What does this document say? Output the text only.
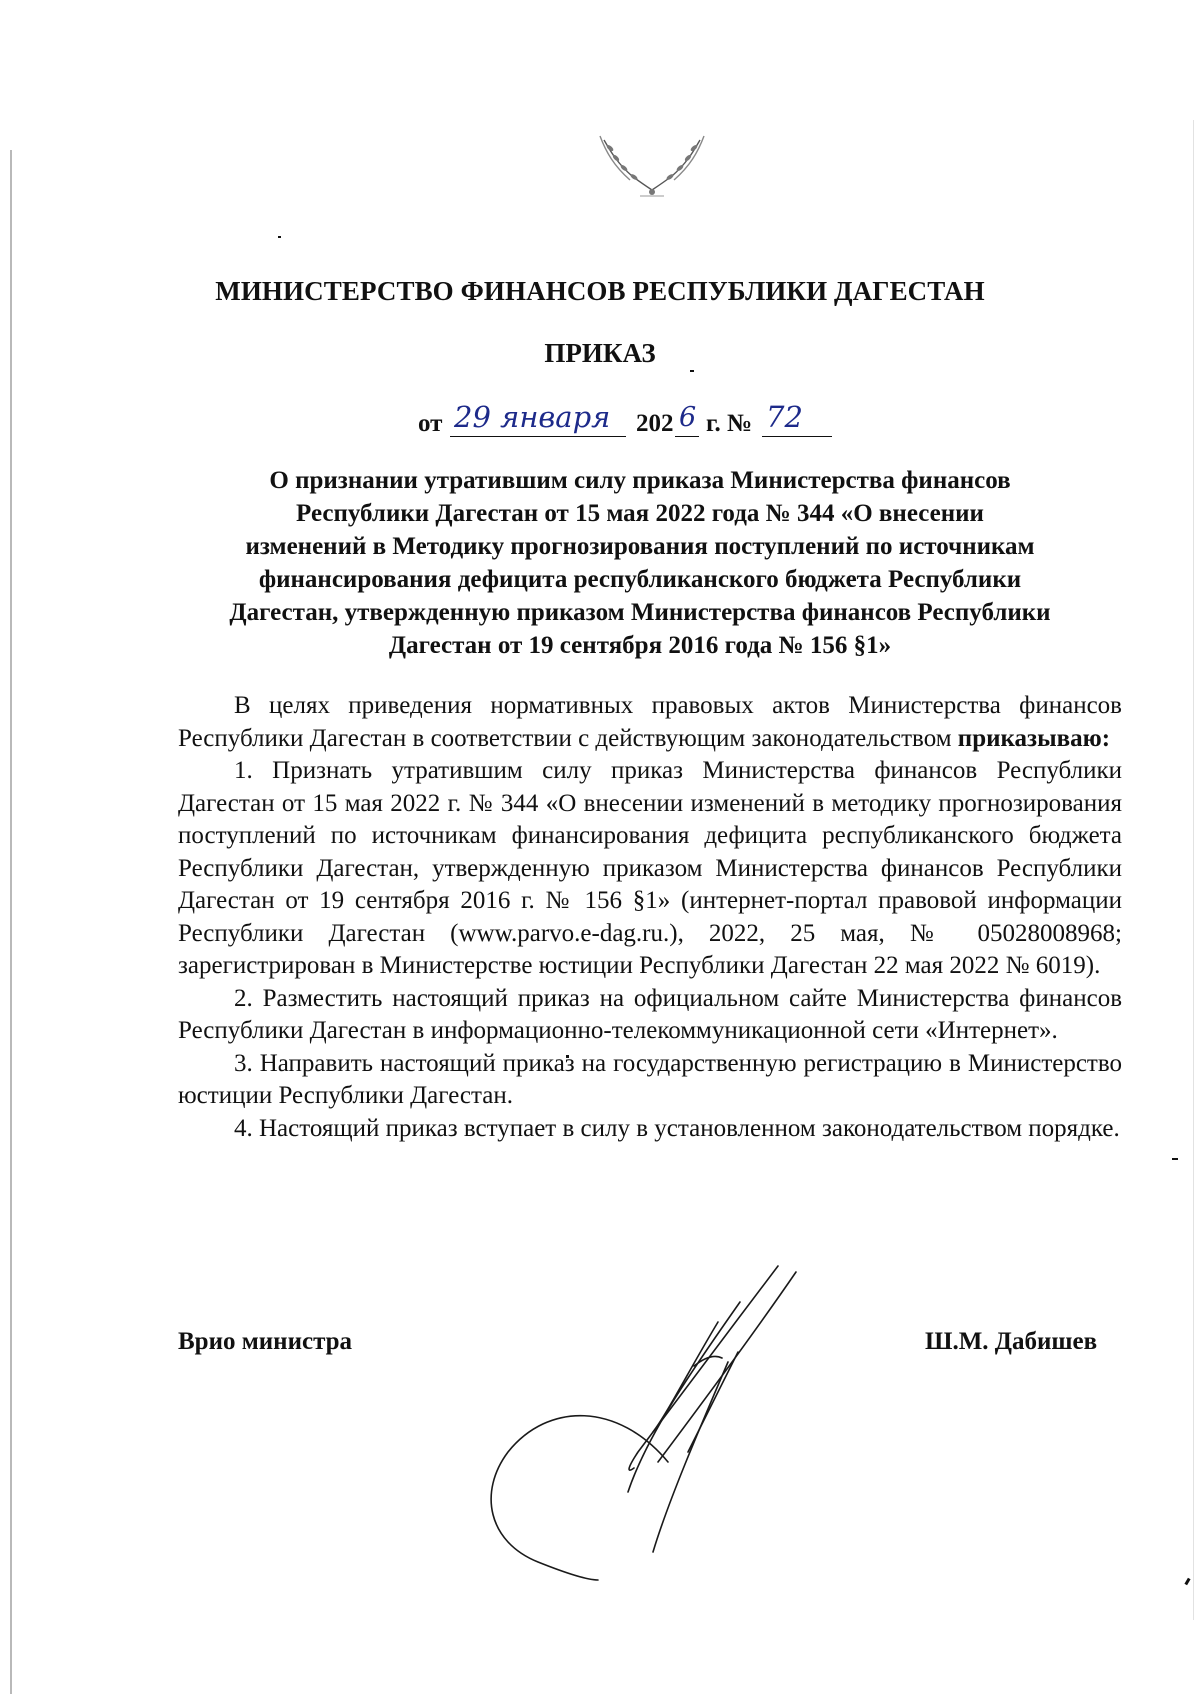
МИНИСТЕРСТВО ФИНАНСОВ РЕСПУБЛИКИ ДАГЕСТАН
ПРИКАЗ
от 29 января 202 6 г. № 72
О признании утратившим силу приказа Министерства финансов
Республики Дагестан от 15 мая 2022 года № 344 «О внесении
изменений в Методику прогнозирования поступлений по источникам
финансирования дефицита республиканского бюджета Республики
Дагестан, утвержденную приказом Министерства финансов Республики
Дагестан от 19 сентября 2016 года № 156 §1»

В целях приведения нормативных правовых актов Министерства финансов Республики Дагестан в соответствии с действующим законодательством приказываю:

1. Признать утратившим силу приказ Министерства финансов Республики Дагестан от 15 мая 2022 г. № 344 «О внесении изменений в методику прогнозирования поступлений по источникам финансирования дефицита республиканского бюджета Республики Дагестан, утвержденную приказом Министерства финансов Республики Дагестан от 19 сентября 2016 г. № 156 §1» (интернет-портал правовой информации Республики Дагестан (www.parvo.e-dag.ru.), 2022, 25 мая, № 05028008968; зарегистрирован в Министерстве юстиции Республики Дагестан 22 мая 2022 № 6019).

2. Разместить настоящий приказ на официальном сайте Министерства финансов Республики Дагестан в информационно-телекоммуникационной сети «Интернет».

3. Направить настоящий приказ на государственную регистрацию в Министерство юстиции Республики Дагестан.

4. Настоящий приказ вступает в силу в установленном законодательством порядке.

Врио министра	Ш.М. Дабишев
